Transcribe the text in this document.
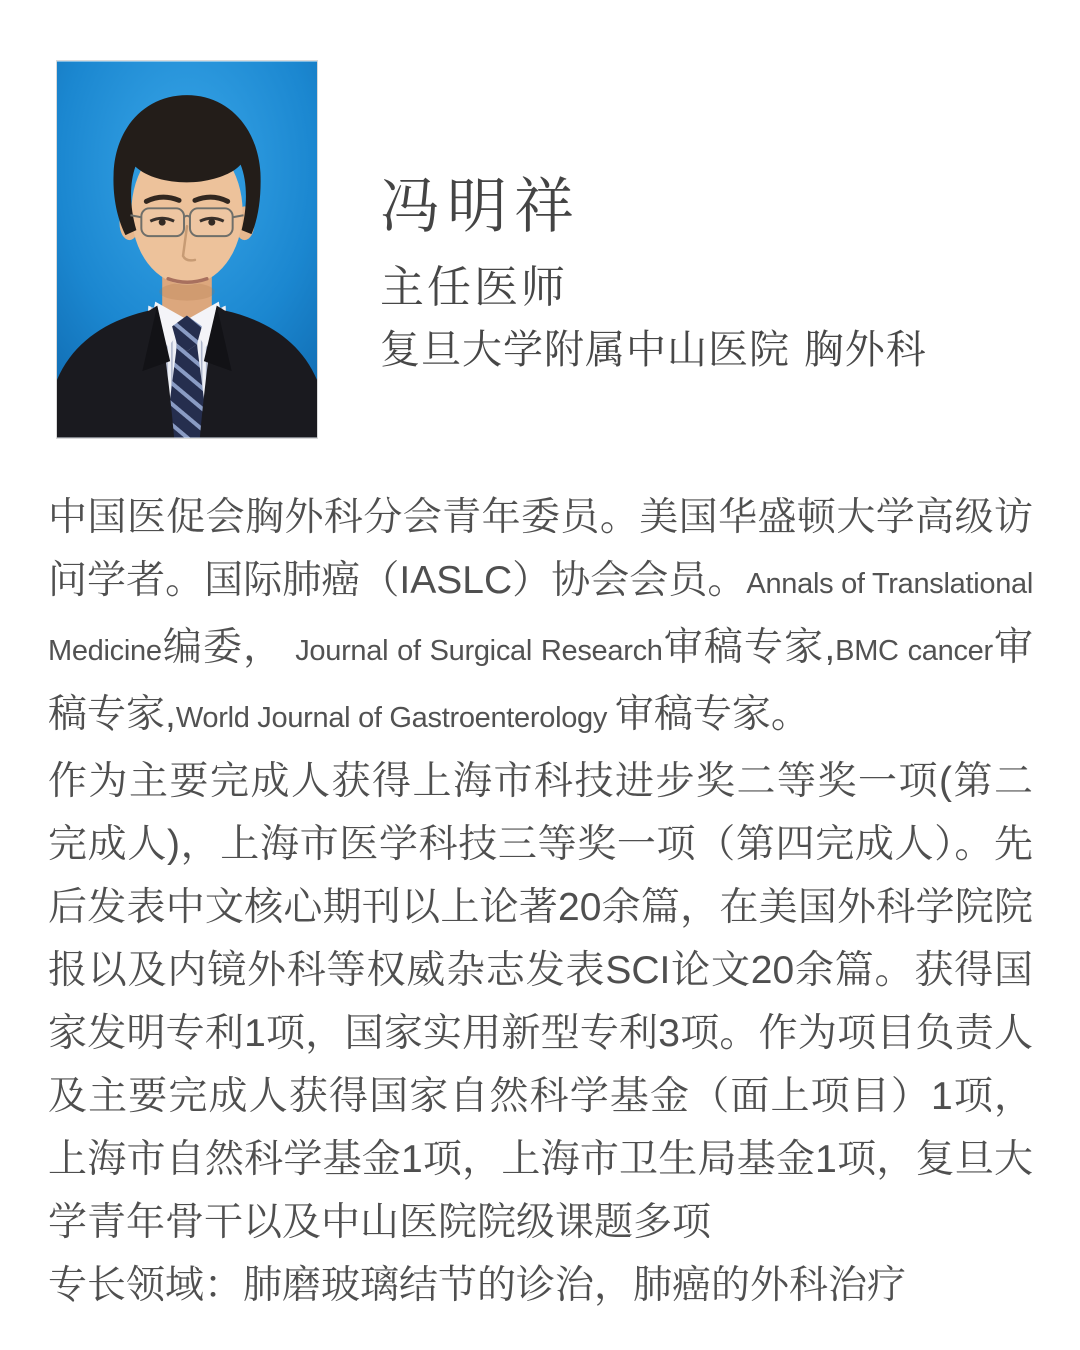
冯明祥
主任医师
复旦大学附属中山医院 胸外科

中国医促会胸外科分会青年委员。美国华盛顿大学高级访问学者。国际肺癌（IASLC）协会会员。Annals of Translational Medicine编委， Journal of Surgical Research审稿专家,BMC cancer审稿专家,World Journal of Gastroenterology 审稿专家。

作为主要完成人获得上海市科技进步奖二等奖一项(第二完成人)，上海市医学科技三等奖一项（第四完成人）。先后发表中文核心期刊以上论著20余篇，在美国外科学院院报以及内镜外科等权威杂志发表SCI论文20余篇。获得国家发明专利1项，国家实用新型专利3项。作为项目负责人及主要完成人获得国家自然科学基金（面上项目）1项，上海市自然科学基金1项，上海市卫生局基金1项，复旦大学青年骨干以及中山医院院级课题多项

专长领域：肺磨玻璃结节的诊治，肺癌的外科治疗
